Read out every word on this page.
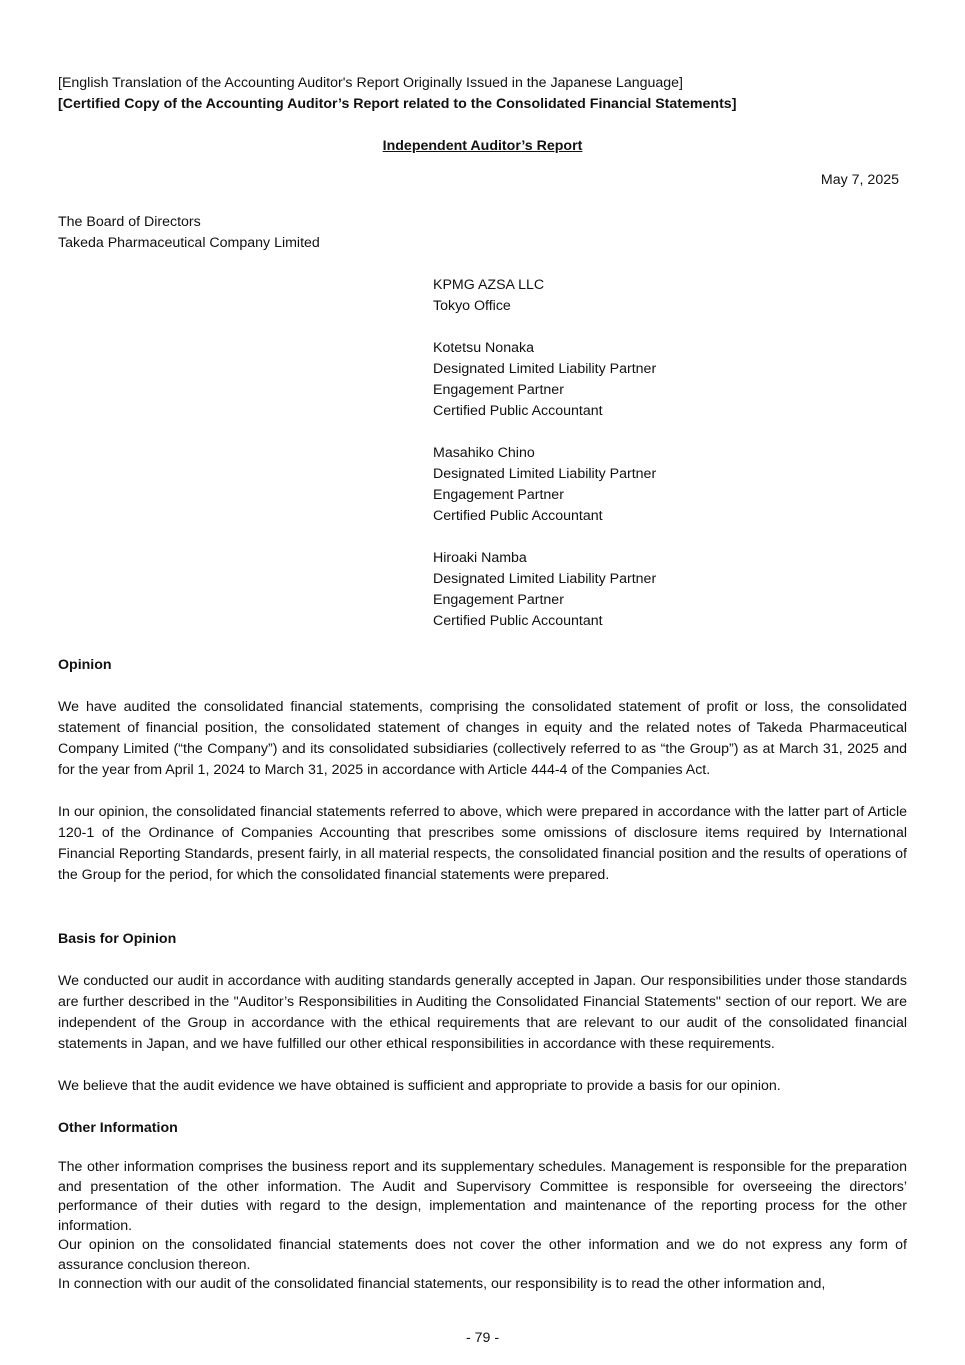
[English Translation of the Accounting Auditor's Report Originally Issued in the Japanese Language]
[Certified Copy of the Accounting Auditor’s Report related to the Consolidated Financial Statements]
Independent Auditor’s Report
May 7, 2025
The Board of Directors
Takeda Pharmaceutical Company Limited
KPMG AZSA LLC
Tokyo Office
Kotetsu Nonaka
Designated Limited Liability Partner
Engagement Partner
Certified Public Accountant
Masahiko Chino
Designated Limited Liability Partner
Engagement Partner
Certified Public Accountant
Hiroaki Namba
Designated Limited Liability Partner
Engagement Partner
Certified Public Accountant
Opinion
We have audited the consolidated financial statements, comprising the consolidated statement of profit or loss, the consolidated statement of financial position, the consolidated statement of changes in equity and the related notes of Takeda Pharmaceutical Company Limited (“the Company”) and its consolidated subsidiaries (collectively referred to as “the Group”) as at March 31, 2025 and for the year from April 1, 2024 to March 31, 2025 in accordance with Article 444-4 of the Companies Act.
In our opinion, the consolidated financial statements referred to above, which were prepared in accordance with the latter part of Article 120-1 of the Ordinance of Companies Accounting that prescribes some omissions of disclosure items required by International Financial Reporting Standards, present fairly, in all material respects, the consolidated financial position and the results of operations of the Group for the period, for which the consolidated financial statements were prepared.
Basis for Opinion
We conducted our audit in accordance with auditing standards generally accepted in Japan. Our responsibilities under those standards are further described in the "Auditor’s Responsibilities in Auditing the Consolidated Financial Statements" section of our report. We are independent of the Group in accordance with the ethical requirements that are relevant to our audit of the consolidated financial statements in Japan, and we have fulfilled our other ethical responsibilities in accordance with these requirements.
We believe that the audit evidence we have obtained is sufficient and appropriate to provide a basis for our opinion.
Other Information
The other information comprises the business report and its supplementary schedules. Management is responsible for the preparation and presentation of the other information. The Audit and Supervisory Committee is responsible for overseeing the directors’ performance of their duties with regard to the design, implementation and maintenance of the reporting process for the other information.
Our opinion on the consolidated financial statements does not cover the other information and we do not express any form of assurance conclusion thereon.
In connection with our audit of the consolidated financial statements, our responsibility is to read the other information and,
- 79 -
